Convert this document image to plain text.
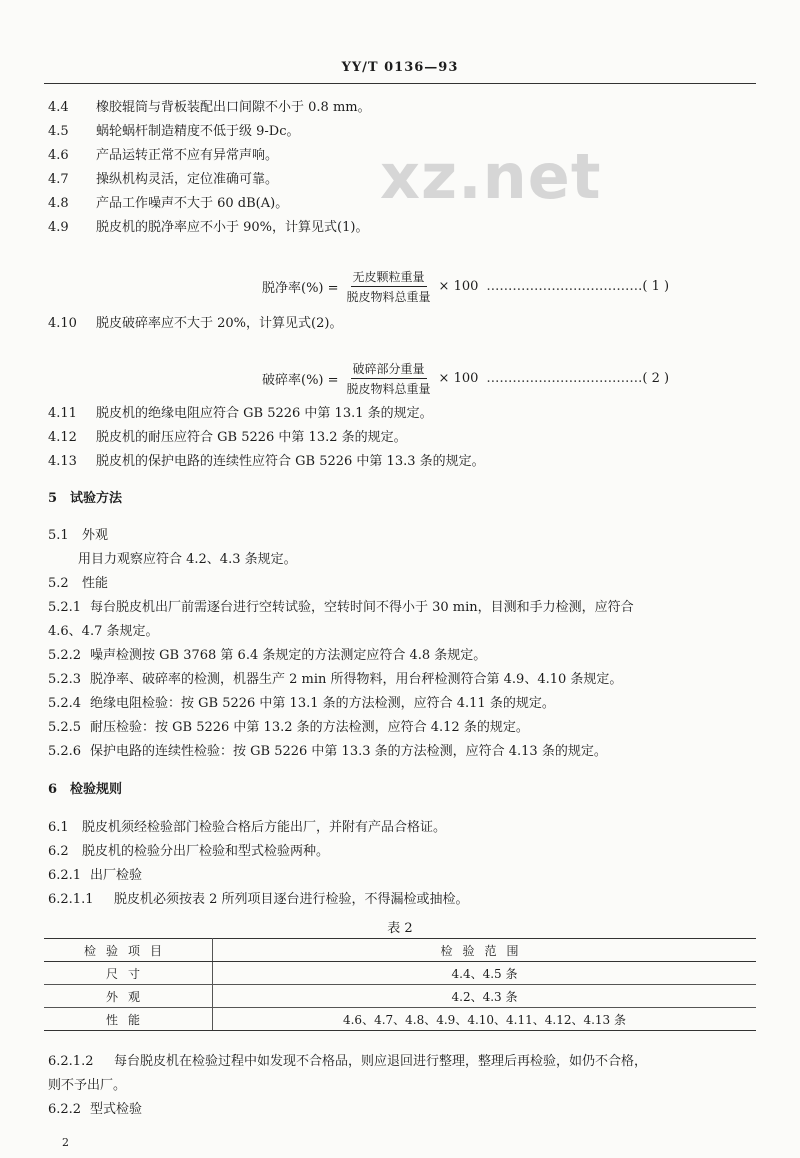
YY/T 0136—93
xz.net
4.4 橡胶辊筒与背板装配出口间隙不小于 0.8 mm。
4.5 蜗轮蜗杆制造精度不低于级 9-Dc。
4.6 产品运转正常不应有异常声响。
4.7 操纵机构灵活，定位准确可靠。
4.8 产品工作噪声不大于 60 dB(A)。
4.9 脱皮机的脱净率应不小于 90%，计算见式(1)。
脱净率(%) = $\frac{\text{无皮颗粒重量}}{\text{脱皮物料总重量}} \times 100$ ……………………………… ( 1 )
4.10 脱皮破碎率应不大于 20%，计算见式(2)。
破碎率(%) = $\frac{\text{破碎部分重量}}{\text{脱皮物料总重量}} \times 100$ ……………………………… ( 2 )
4.11 脱皮机的绝缘电阻应符合 GB 5226 中第 13.1 条的规定。
4.12 脱皮机的耐压应符合 GB 5226 中第 13.2 条的规定。
4.13 脱皮机的保护电路的连续性应符合 GB 5226 中第 13.3 条的规定。
5 试验方法
5.1 外观
用目力观察应符合 4.2、4.3 条规定。
5.2 性能
5.2.1 每台脱皮机出厂前需逐台进行空转试验，空转时间不得小于 30 min，目测和手力检测，应符合
4.6、4.7 条规定。
5.2.2 噪声检测按 GB 3768 第 6.4 条规定的方法测定应符合 4.8 条规定。
5.2.3 脱净率、破碎率的检测，机器生产 2 min 所得物料，用台秤检测符合第 4.9、4.10 条规定。
5.2.4 绝缘电阻检验：按 GB 5226 中第 13.1 条的方法检测，应符合 4.11 条的规定。
5.2.5 耐压检验：按 GB 5226 中第 13.2 条的方法检测，应符合 4.12 条的规定。
5.2.6 保护电路的连续性检验：按 GB 5226 中第 13.3 条的方法检测，应符合 4.13 条的规定。
6 检验规则
6.1 脱皮机须经检验部门检验合格后方能出厂，并附有产品合格证。
6.2 脱皮机的检验分出厂检验和型式检验两种。
6.2.1 出厂检验
6.2.1.1 脱皮机必须按表 2 所列项目逐台进行检验，不得漏检或抽检。
表 2
检验项目	检验范围
尺寸	4.4、4.5 条
外观	4.2、4.3 条
性能	4.6、4.7、4.8、4.9、4.10、4.11、4.12、4.13 条
6.2.1.2 每台脱皮机在检验过程中如发现不合格品，则应退回进行整理，整理后再检验，如仍不合格，
则不予出厂。
6.2.2 型式检验
2
